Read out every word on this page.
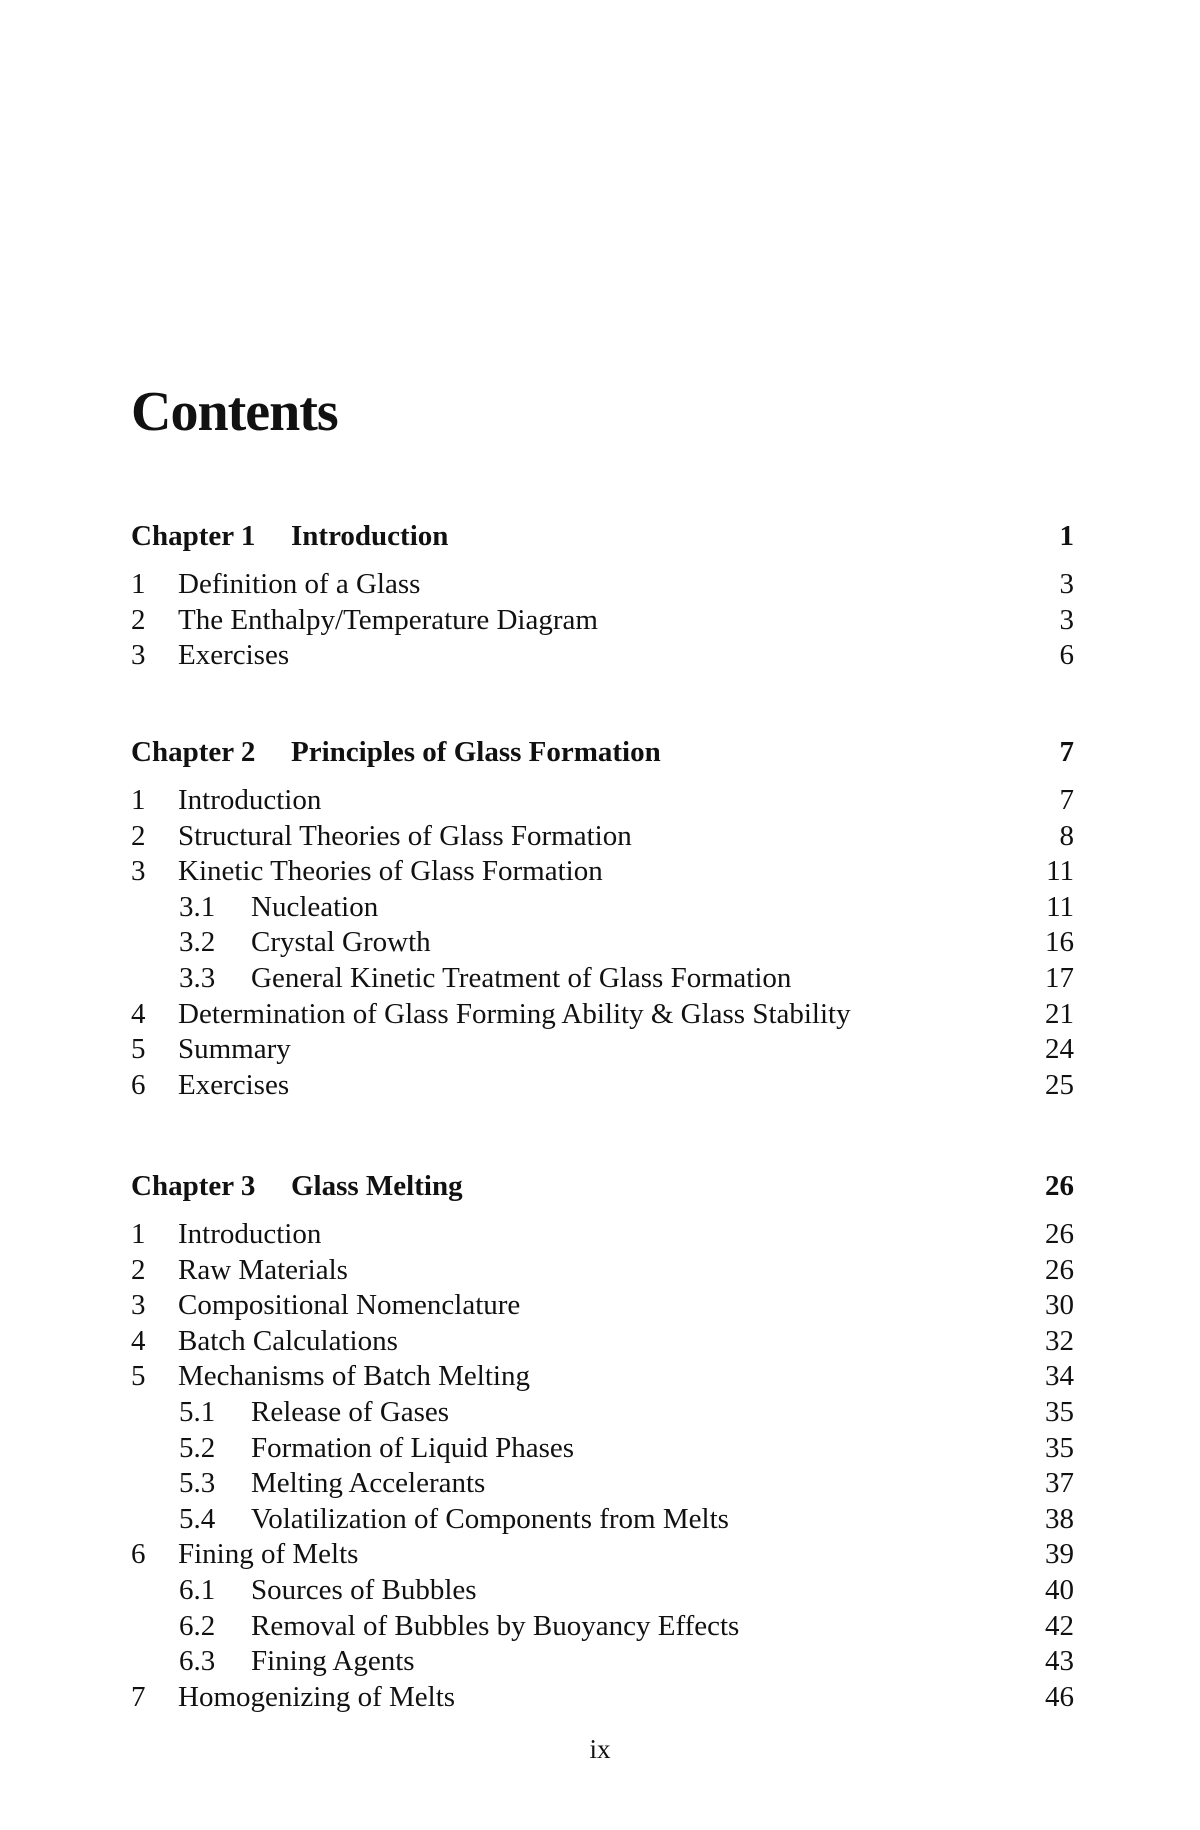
Contents
Chapter 1 Introduction	1
1 Definition of a Glass	3
2 The Enthalpy/Temperature Diagram	3
3 Exercises	6
Chapter 2 Principles of Glass Formation	7
1 Introduction	7
2 Structural Theories of Glass Formation	8
3 Kinetic Theories of Glass Formation	11
3.1 Nucleation	11
3.2 Crystal Growth	16
3.3 General Kinetic Treatment of Glass Formation	17
4 Determination of Glass Forming Ability & Glass Stability	21
5 Summary	24
6 Exercises	25
Chapter 3 Glass Melting	26
1 Introduction	26
2 Raw Materials	26
3 Compositional Nomenclature	30
4 Batch Calculations	32
5 Mechanisms of Batch Melting	34
5.1 Release of Gases	35
5.2 Formation of Liquid Phases	35
5.3 Melting Accelerants	37
5.4 Volatilization of Components from Melts	38
6 Fining of Melts	39
6.1 Sources of Bubbles	40
6.2 Removal of Bubbles by Buoyancy Effects	42
6.3 Fining Agents	43
7 Homogenizing of Melts	46
ix
